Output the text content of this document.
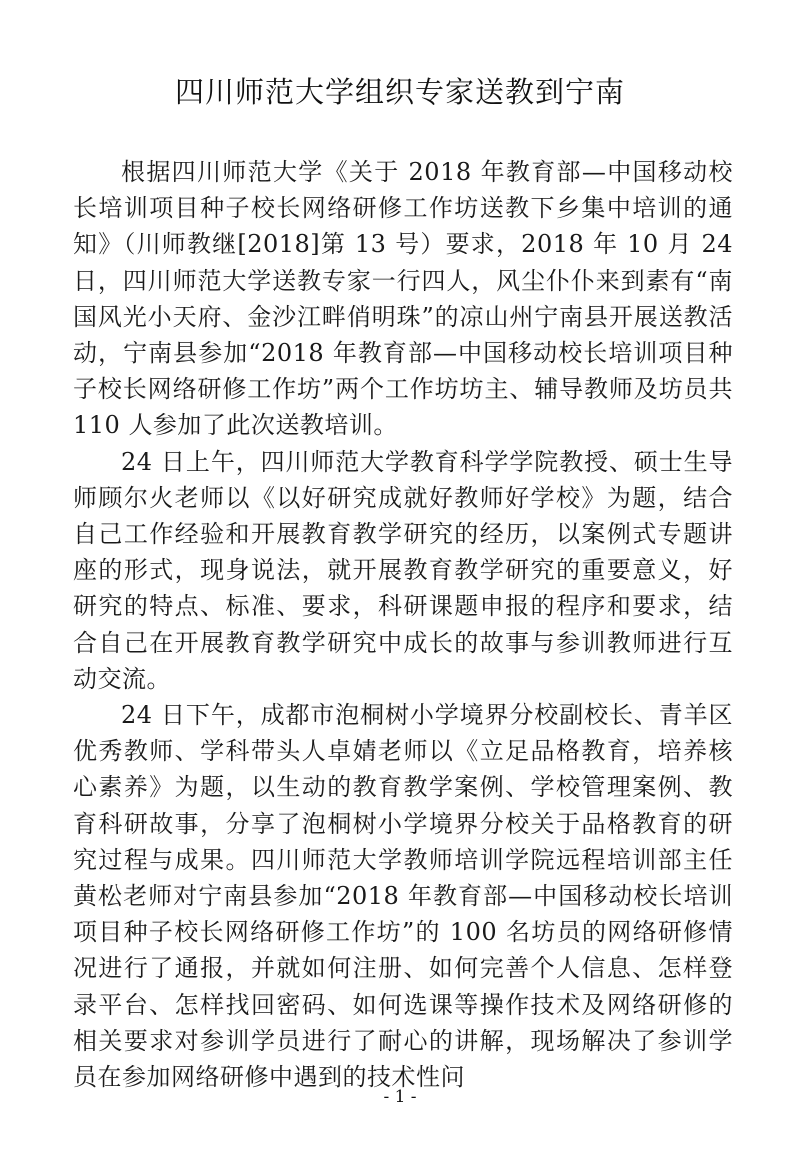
四川师范大学组织专家送教到宁南

根据四川师范大学《关于 2018 年教育部—中国移动校长培训项目种子校长网络研修工作坊送教下乡集中培训的通知》（川师教继[2018]第 13 号）要求，2018 年 10 月 24 日，四川师范大学送教专家一行四人，风尘仆仆来到素有“南国风光小天府、金沙江畔俏明珠”的凉山州宁南县开展送教活动，宁南县参加“2018 年教育部—中国移动校长培训项目种子校长网络研修工作坊”两个工作坊坊主、辅导教师及坊员共 110 人参加了此次送教培训。

24 日上午，四川师范大学教育科学学院教授、硕士生导师顾尔火老师以《以好研究成就好教师好学校》为题，结合自己工作经验和开展教育教学研究的经历，以案例式专题讲座的形式，现身说法，就开展教育教学研究的重要意义，好研究的特点、标准、要求，科研课题申报的程序和要求，结合自己在开展教育教学研究中成长的故事与参训教师进行互动交流。

24 日下午，成都市泡桐树小学境界分校副校长、青羊区优秀教师、学科带头人卓婧老师以《立足品格教育，培养核心素养》为题，以生动的教育教学案例、学校管理案例、教育科研故事，分享了泡桐树小学境界分校关于品格教育的研究过程与成果。四川师范大学教师培训学院远程培训部主任黄松老师对宁南县参加“2018 年教育部—中国移动校长培训项目种子校长网络研修工作坊”的 100 名坊员的网络研修情况进行了通报，并就如何注册、如何完善个人信息、怎样登录平台、怎样找回密码、如何选课等操作技术及网络研修的相关要求对参训学员进行了耐心的讲解，现场解决了参训学员在参加网络研修中遇到的技术性问

- 1 -
